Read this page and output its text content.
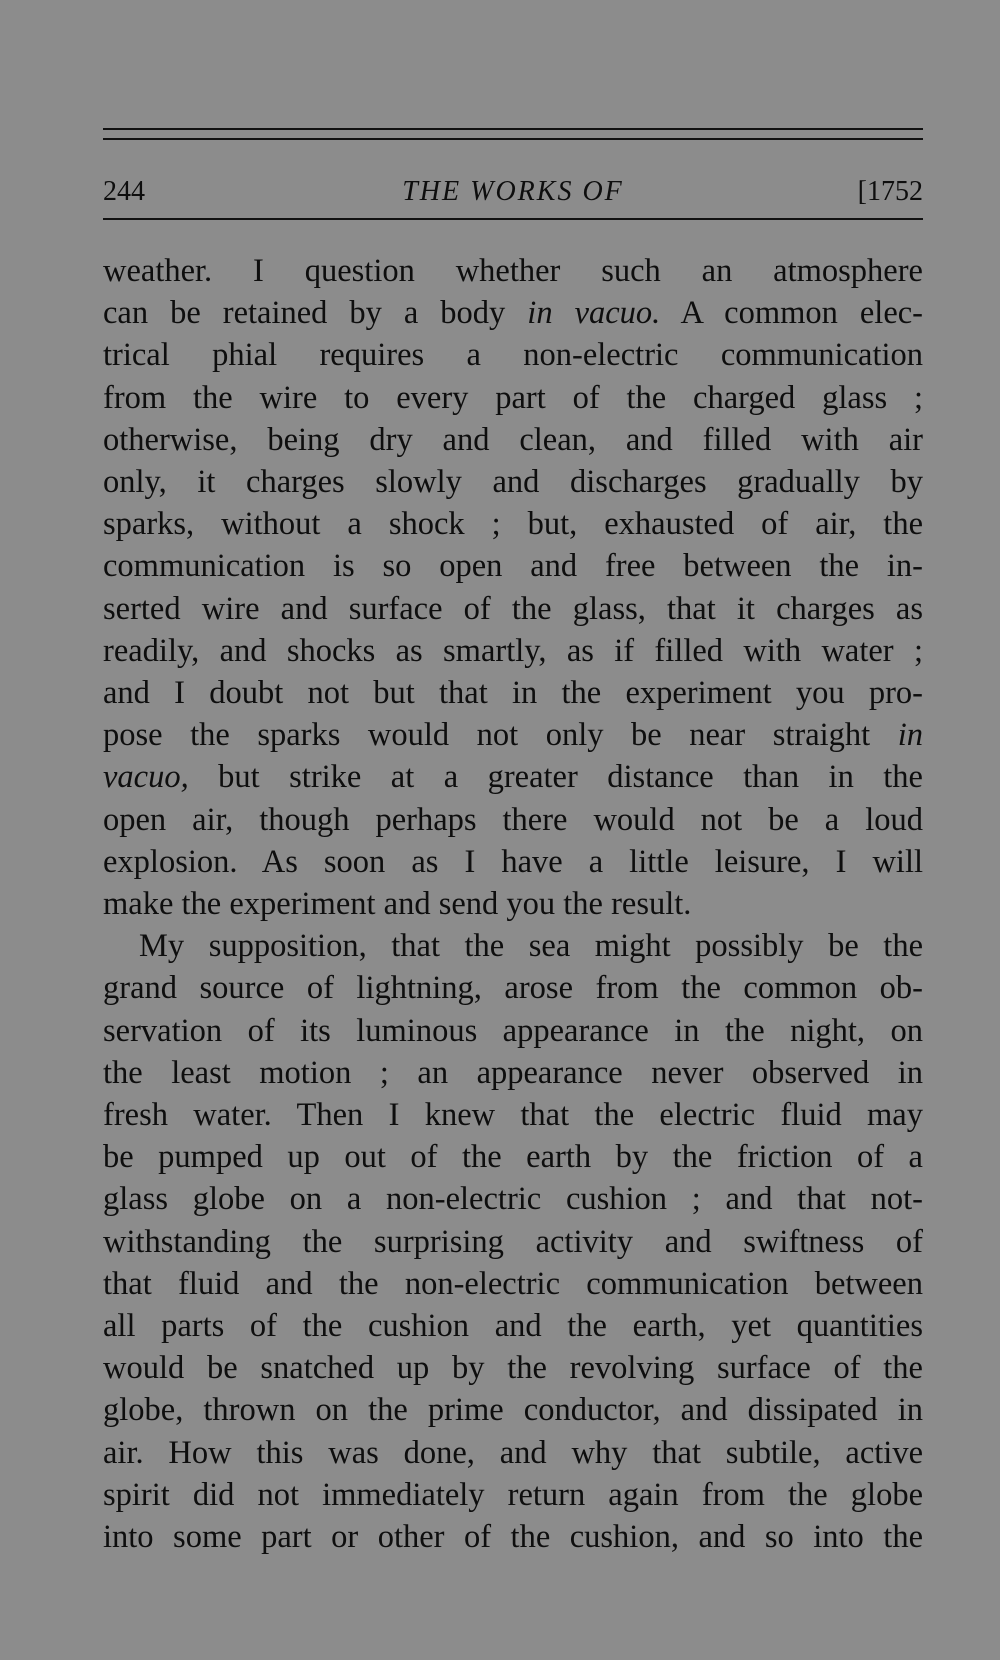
THE WORKS OF
244	[1752
weather. I question whether such an atmosphere
can be retained by a body in vacuo. A common elec-
trical phial requires a non-electric communication
from the wire to every part of the charged glass ;
otherwise, being dry and clean, and filled with air
only, it charges slowly and discharges gradually by
sparks, without a shock ; but, exhausted of air, the
communication is so open and free between the in-
serted wire and surface of the glass, that it charges as
readily, and shocks as smartly, as if filled with water ;
and I doubt not but that in the experiment you pro-
pose the sparks would not only be near straight in
vacuo, but strike at a greater distance than in the
open air, though perhaps there would not be a loud
explosion. As soon as I have a little leisure, I will
make the experiment and send you the result.
My supposition, that the sea might possibly be the
grand source of lightning, arose from the common ob-
servation of its luminous appearance in the night, on
the least motion ; an appearance never observed in
fresh water. Then I knew that the electric fluid may
be pumped up out of the earth by the friction of a
glass globe on a non-electric cushion ; and that not-
withstanding the surprising activity and swiftness of
that fluid and the non-electric communication between
all parts of the cushion and the earth, yet quantities
would be snatched up by the revolving surface of the
globe, thrown on the prime conductor, and dissipated in
air. How this was done, and why that subtile, active
spirit did not immediately return again from the globe
into some part or other of the cushion, and so into the
